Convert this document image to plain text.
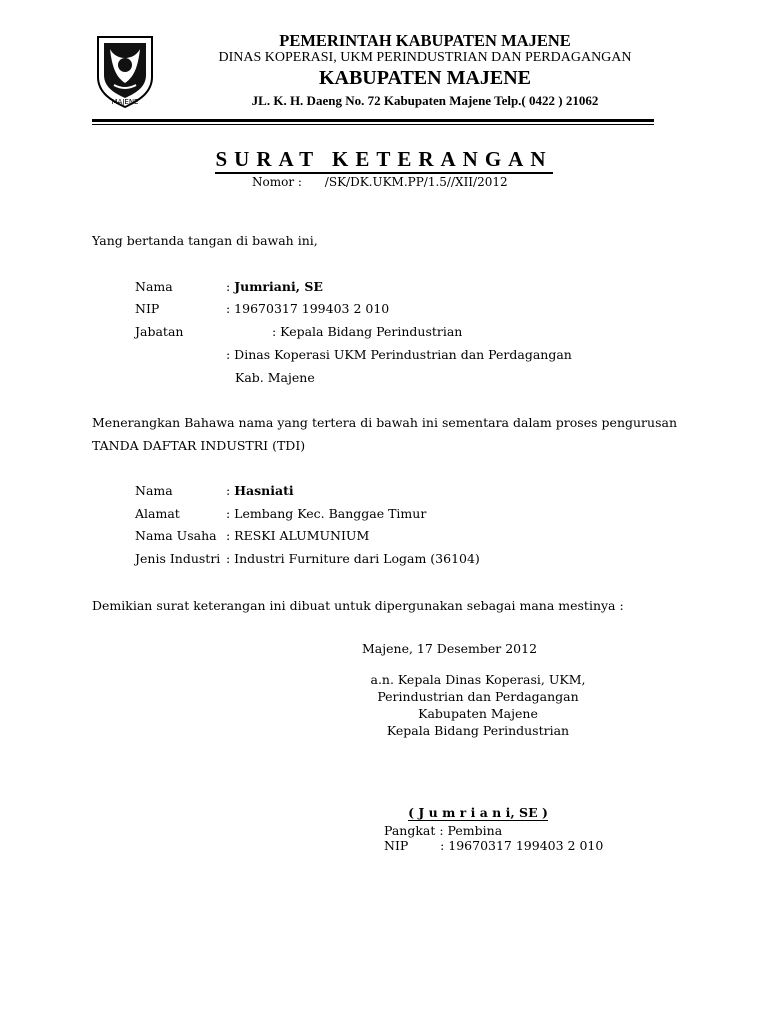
MAJENE
PEMERINTAH KABUPATEN MAJENE
DINAS KOPERASI, UKM PERINDUSTRIAN DAN PERDAGANGAN
KABUPATEN MAJENE
JL. K. H. Daeng No. 72 Kabupaten Majene Telp.( 0422 ) 21062
SURAT KETERANGAN
Nomor :      /SK/DK.UKM.PP/1.5//XII/2012
Yang bertanda tangan di bawah ini,
Nama	: Jumriani, SE
NIP	: 19670317 199403 2 010
Jabatan	: Kepala Bidang Perindustrian
: Dinas Koperasi UKM Perindustrian dan Perdagangan
Kab. Majene
Menerangkan Bahawa nama yang tertera di bawah ini sementara dalam proses pengurusan
TANDA DAFTAR INDUSTRI (TDI)
Nama	: Hasniati
Alamat	: Lembang Kec. Banggae Timur
Nama Usaha : RESKI ALUMUNIUM
Jenis Industri : Industri Furniture dari Logam (36104)
Demikian surat keterangan ini dibuat untuk dipergunakan sebagai mana mestinya :
Majene, 17 Desember 2012
a.n. Kepala Dinas Koperasi, UKM,
Perindustrian dan Perdagangan
Kabupaten Majene
Kepala Bidang Perindustrian
( J u m r i a n i, SE )
Pangkat : Pembina
NIP        : 19670317 199403 2 010
